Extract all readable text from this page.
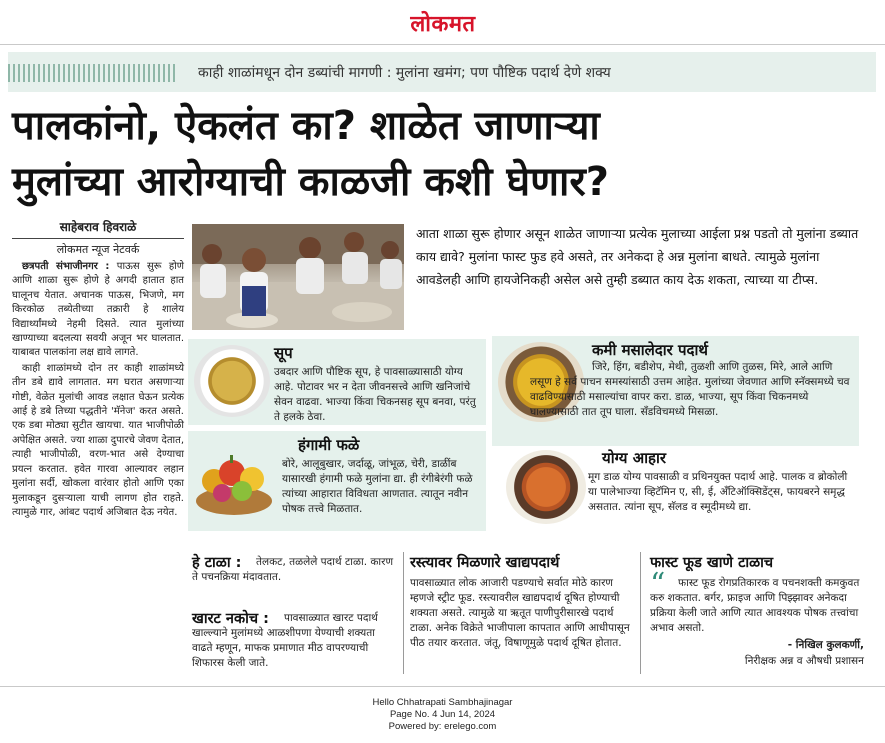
लोकमत
काही शाळांमधून दोन डब्यांची मागणी : मुलांना खमंग; पण पौष्टिक पदार्थ देणे शक्य
पालकांनो, ऐकलंत का? शाळेत जाणाऱ्या
मुलांच्या आरोग्याची काळजी कशी घेणार?
साहेबराव हिवराळे
लोकमत न्यूज नेटवर्क

छत्रपती संभाजीनगर : पाऊस सुरू होणे आणि शाळा सुरू होणे हे अगदी हातात हात घालूनच येतात. अचानक पाऊस, भिजणे, मग किरकोळ तब्येतीच्या तक्रारी हे शालेय विद्यार्थ्यांमध्ये नेहमी दिसते. त्यात मुलांच्या खाण्याच्या बदलत्या सवयी अजून भर घालतात. याबाबत पालकांना लक्ष द्यावे लागते.

काही शाळांमध्ये दोन तर काही शाळांमध्ये तीन डबे द्यावे लागतात. मग घरात असणाऱ्या गोष्टी, वेळेत मुलांची आवड लक्षात घेऊन प्रत्येक आई हे डबे तिच्या पद्धतीने 'मॅनेज' करत असते. एक डबा मोठ्या सुटीत खायचा. यात भाजीपोळी अपेक्षित असते. ज्या शाळा दुपारचे जेवण देतात, त्याही भाजीपोळी, वरण-भात असे देण्याचा प्रयत्न करतात. हवेत गारवा आल्यावर लहान मुलांना सर्दी, खोकला वारंवार होतो आणि एका मुलाकडून दुसऱ्याला याची लागण होत राहते. त्यामुळे गार, आंबट पदार्थ अजिबात देऊ नयेत.

आता शाळा सुरू होणार असून शाळेत जाणाऱ्या प्रत्येक मुलाच्या आईला प्रश्न पडतो तो मुलांना डब्यात काय द्यावे? मुलांना फास्ट फुड हवे असते, तर अनेकदा हे अन्न मुलांना बाधते. त्यामुळे मुलांना आवडेलही आणि हायजेनिकही असेल असे तुम्ही डब्यात काय देऊ शकता, त्याच्या या टीप्स.
सूप
उबदार आणि पौष्टिक सूप, हे पावसाळ्यासाठी योग्य आहे. पोटावर भर न देता जीवनसत्त्वे आणि खनिजांचे सेवन वाढवा. भाज्या किंवा चिकनसह सूप बनवा, परंतु ते हलके ठेवा.
कमी मसालेदार पदार्थ
जिरे, हिंग, बडीशेप, मेथी, तुळशी आणि तुळस, मिरे, आले आणि लसूण हे सर्व पाचन समस्यांसाठी उत्तम आहेत. मुलांच्या जेवणात आणि स्नॅक्समध्ये चव वाढविण्यासाठी मसाल्यांचा वापर करा. डाळ, भाज्या, सूप किंवा चिकनमध्ये घालण्यासाठी तात तूप घाला. सँडविचमध्ये मिसळा.
हंगामी फळे
बोरे, आलूबुखार, जर्दाळू, जांभूळ, चेरी, डाळींब यासारखी हंगामी फळे मुलांना द्या. ही रंगीबेरंगी फळे त्यांच्या आहारात विविधता आणतात. त्यातून नवीन पोषक तत्त्वे मिळतात.
योग्य आहार
मूग डाळ योग्य पावसाळी व प्रथिनयुक्त पदार्थ आहे. पालक व ब्रोकोली या पालेभाज्या व्हिटॅमिन ए, सी, ई, अँटिऑक्सिडेंट्स, फायबरने समृद्ध असतात. त्यांना सूप, सॅलड व स्मूदीमध्ये द्या.
हे टाळा :	तेलकट, तळलेले पदार्थ टाळा. कारण ते पचनक्रिया मंदावतात.
खारट नकोच :	पावसाळ्यात खारट पदार्थ खाल्ल्याने मुलांमध्ये आळशीपणा येण्याची शक्यता वाढते म्हणून, माफक प्रमाणात मीठ वापरण्याची शिफारस केली जाते.
रस्त्यावर मिळणारे खाद्यपदार्थ
पावसाळ्यात लोक आजारी पडण्याचे सर्वात मोठे कारण म्हणजे स्ट्रीट फूड. रस्त्यावरील खाद्यपदार्थ दूषित होण्याची शक्यता असते. त्यामुळे या ऋतूत पाणीपुरीसारखे पदार्थ टाळा. अनेक विक्रेते भाजीपाला कापतात आणि आधीपासून पीठ तयार करतात. जंतू, विषाणूमुळे पदार्थ दूषित होतात.
फास्ट फूड खाणे टाळाच
“	फास्ट फूड रोगप्रतिकारक व पचनशक्ती कमकुवत करु शकतात. बर्गर, फ्राइज आणि पिझ्झावर अनेकदा प्रक्रिया केली जाते आणि त्यात आवश्यक पोषक तत्त्वांचा अभाव असतो.
- निखिल कुलकर्णी,
निरीक्षक अन्न व औषधी प्रशासन
Hello Chhatrapati Sambhajinagar
Page No. 4 Jun 14, 2024
Powered by: erelego.com
